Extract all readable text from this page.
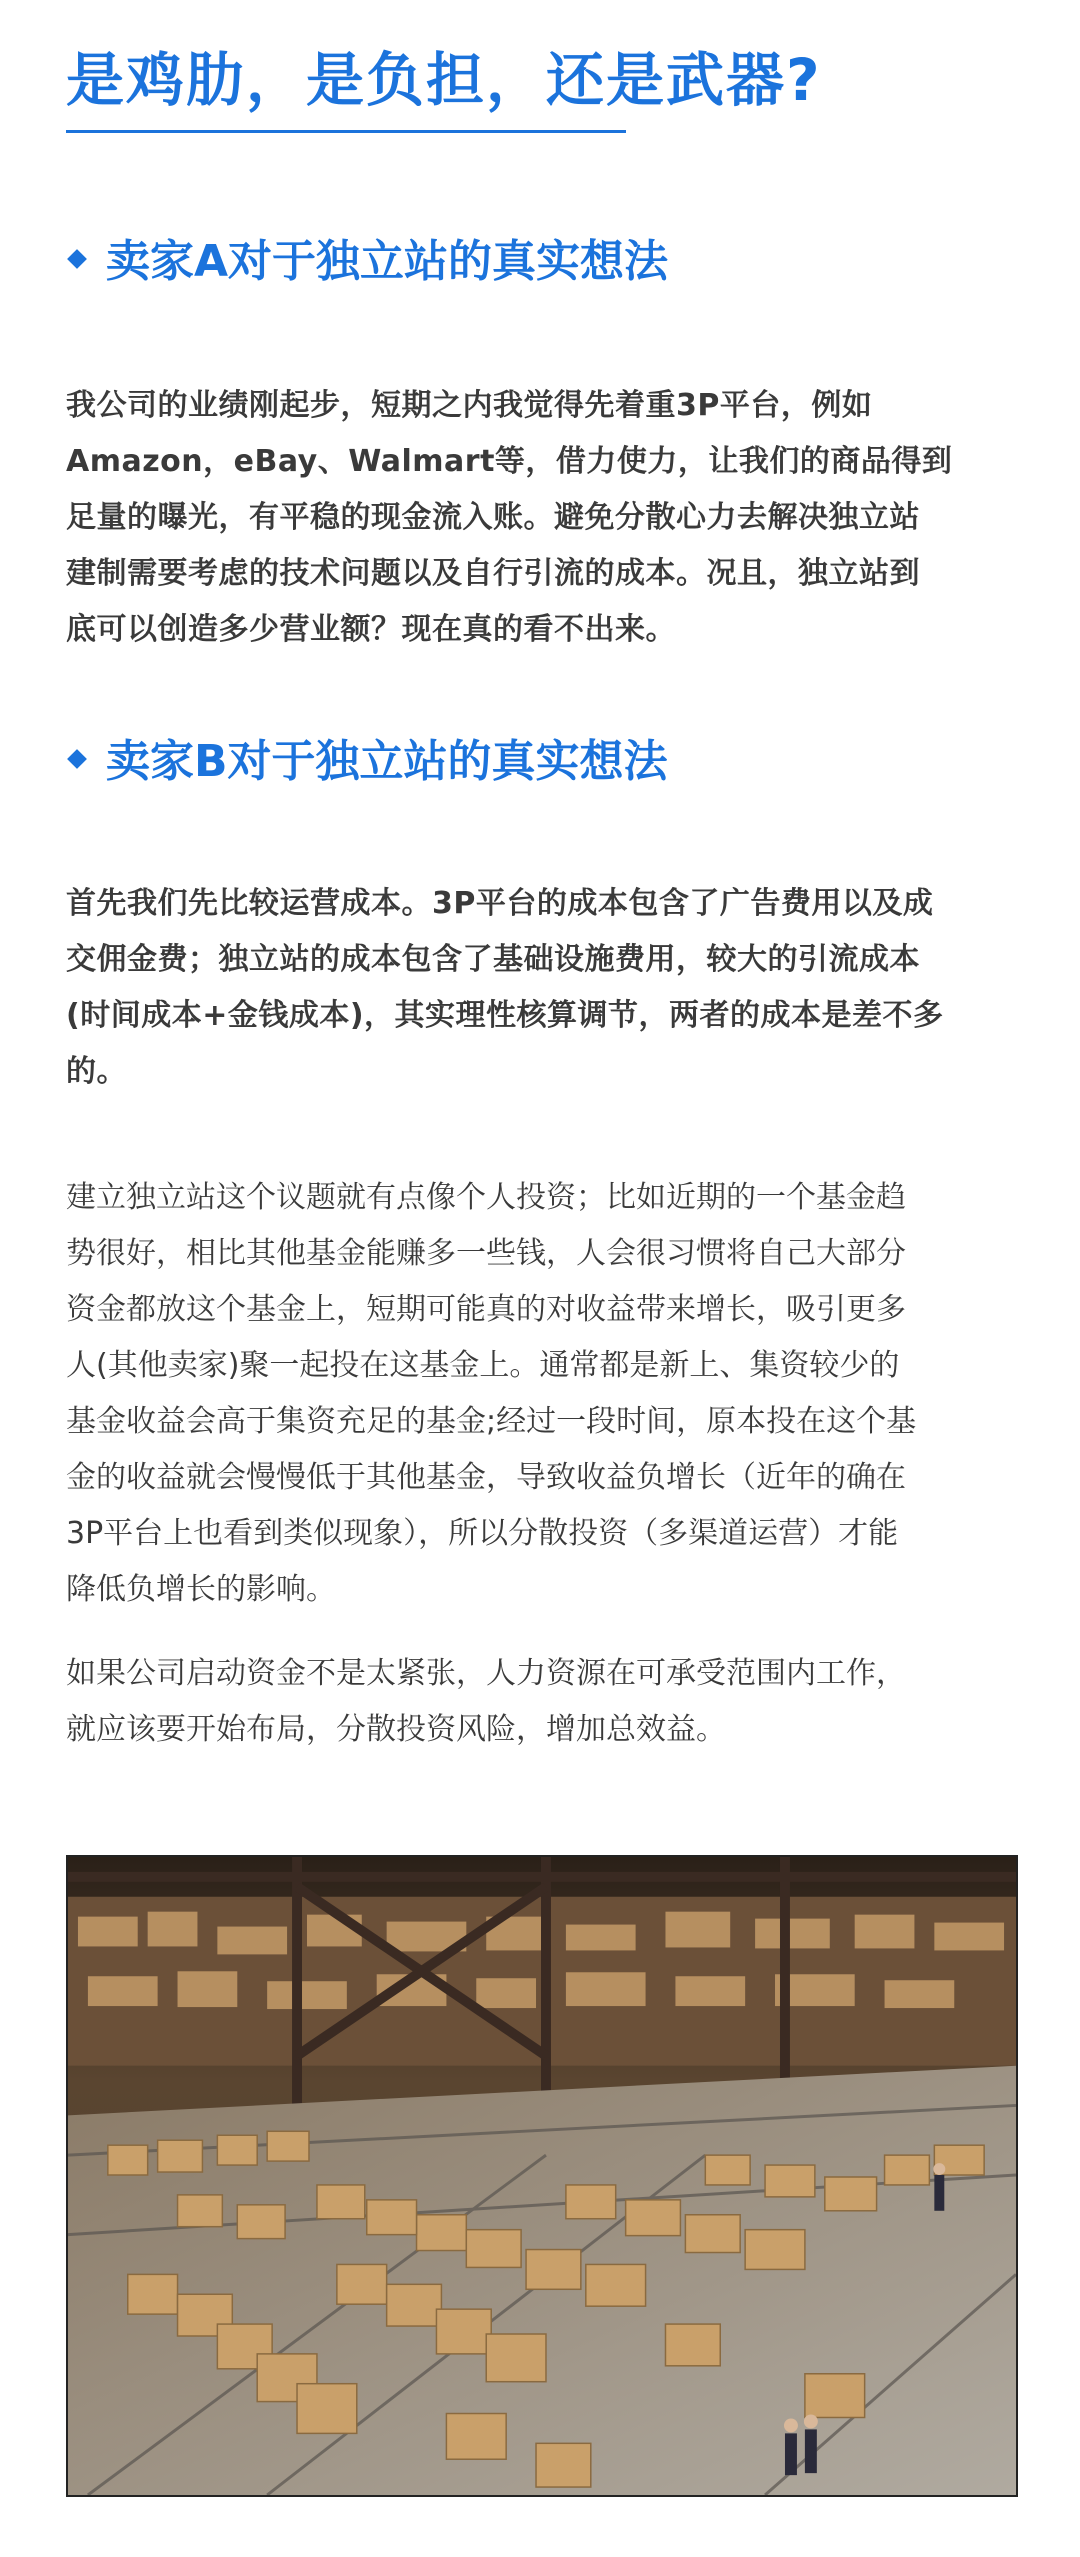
是鸡肋，是负担，还是武器?
卖家A对于独立站的真实想法

我公司的业绩刚起步，短期之内我觉得先着重3P平台，例如
Amazon，eBay、Walmart等，借力使力，让我们的商品得到
足量的曝光，有平稳的现金流入账。避免分散心力去解决独立站
建制需要考虑的技术问题以及自行引流的成本。况且，独立站到
底可以创造多少营业额？现在真的看不出来。

卖家B对于独立站的真实想法

首先我们先比较运营成本。3P平台的成本包含了广告费用以及成
交佣金费；独立站的成本包含了基础设施费用，较大的引流成本
(时间成本+金钱成本)，其实理性核算调节，两者的成本是差不多
的。

建立独立站这个议题就有点像个人投资；比如近期的一个基金趋
势很好，相比其他基金能赚多一些钱，人会很习惯将自己大部分
资金都放这个基金上，短期可能真的对收益带来增长，吸引更多
人(其他卖家)聚一起投在这基金上。通常都是新上、集资较少的
基金收益会高于集资充足的基金;经过一段时间，原本投在这个基
金的收益就会慢慢低于其他基金，导致收益负增长（近年的确在
3P平台上也看到类似现象），所以分散投资（多渠道运营）才能
降低负增长的影响。

如果公司启动资金不是太紧张，人力资源在可承受范围内工作，
就应该要开始布局，分散投资风险，增加总效益。
